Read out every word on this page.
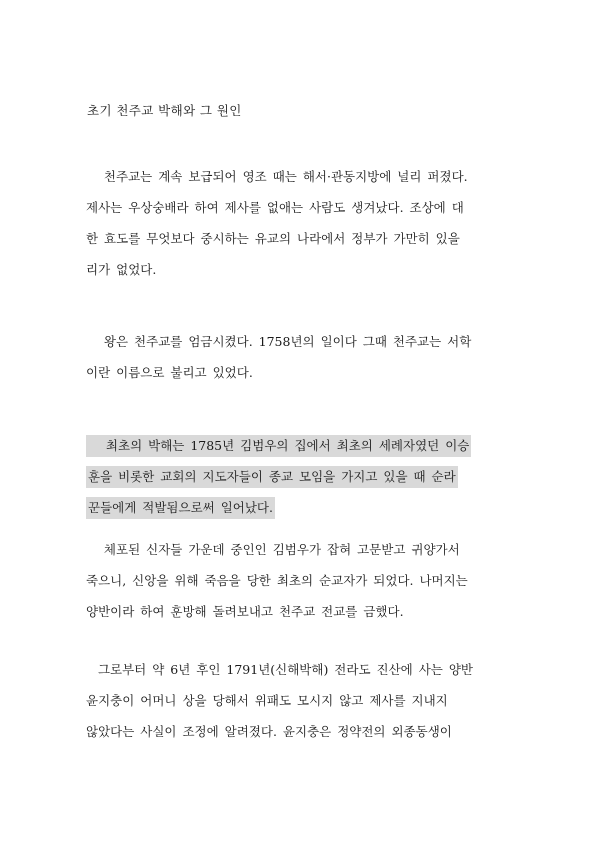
초기 천주교 박해와 그 원인
천주교는 계속 보급되어 영조 때는 해서·관동지방에 널리 퍼졌다.
제사는 우상숭배라 하여 제사를 없애는 사람도 생겨났다. 조상에 대
한 효도를 무엇보다 중시하는 유교의 나라에서 정부가 가만히 있을
리가 없었다.
왕은 천주교를 엄금시켰다. 1758년의 일이다 그때 천주교는 서학
이란 이름으로 불리고 있었다.
최초의 박해는 1785년 김범우의 집에서 최초의 세례자였던 이승
훈을 비롯한 교회의 지도자들이 종교 모임을 가지고 있을 때 순라
꾼들에게 적발됨으로써 일어났다.
체포된 신자들 가운데 중인인 김범우가 잡혀 고문받고 귀양가서
죽으니, 신앙을 위해 죽음을 당한 최초의 순교자가 되었다. 나머지는
양반이라 하여 훈방해 돌려보내고 천주교 전교를 금했다.
그로부터 약 6년 후인 1791년(신해박해) 전라도 진산에 사는 양반
윤지충이 어머니 상을 당해서 위패도 모시지 않고 제사를 지내지
않았다는 사실이 조정에 알려졌다. 윤지충은 정약전의 외종동생이
